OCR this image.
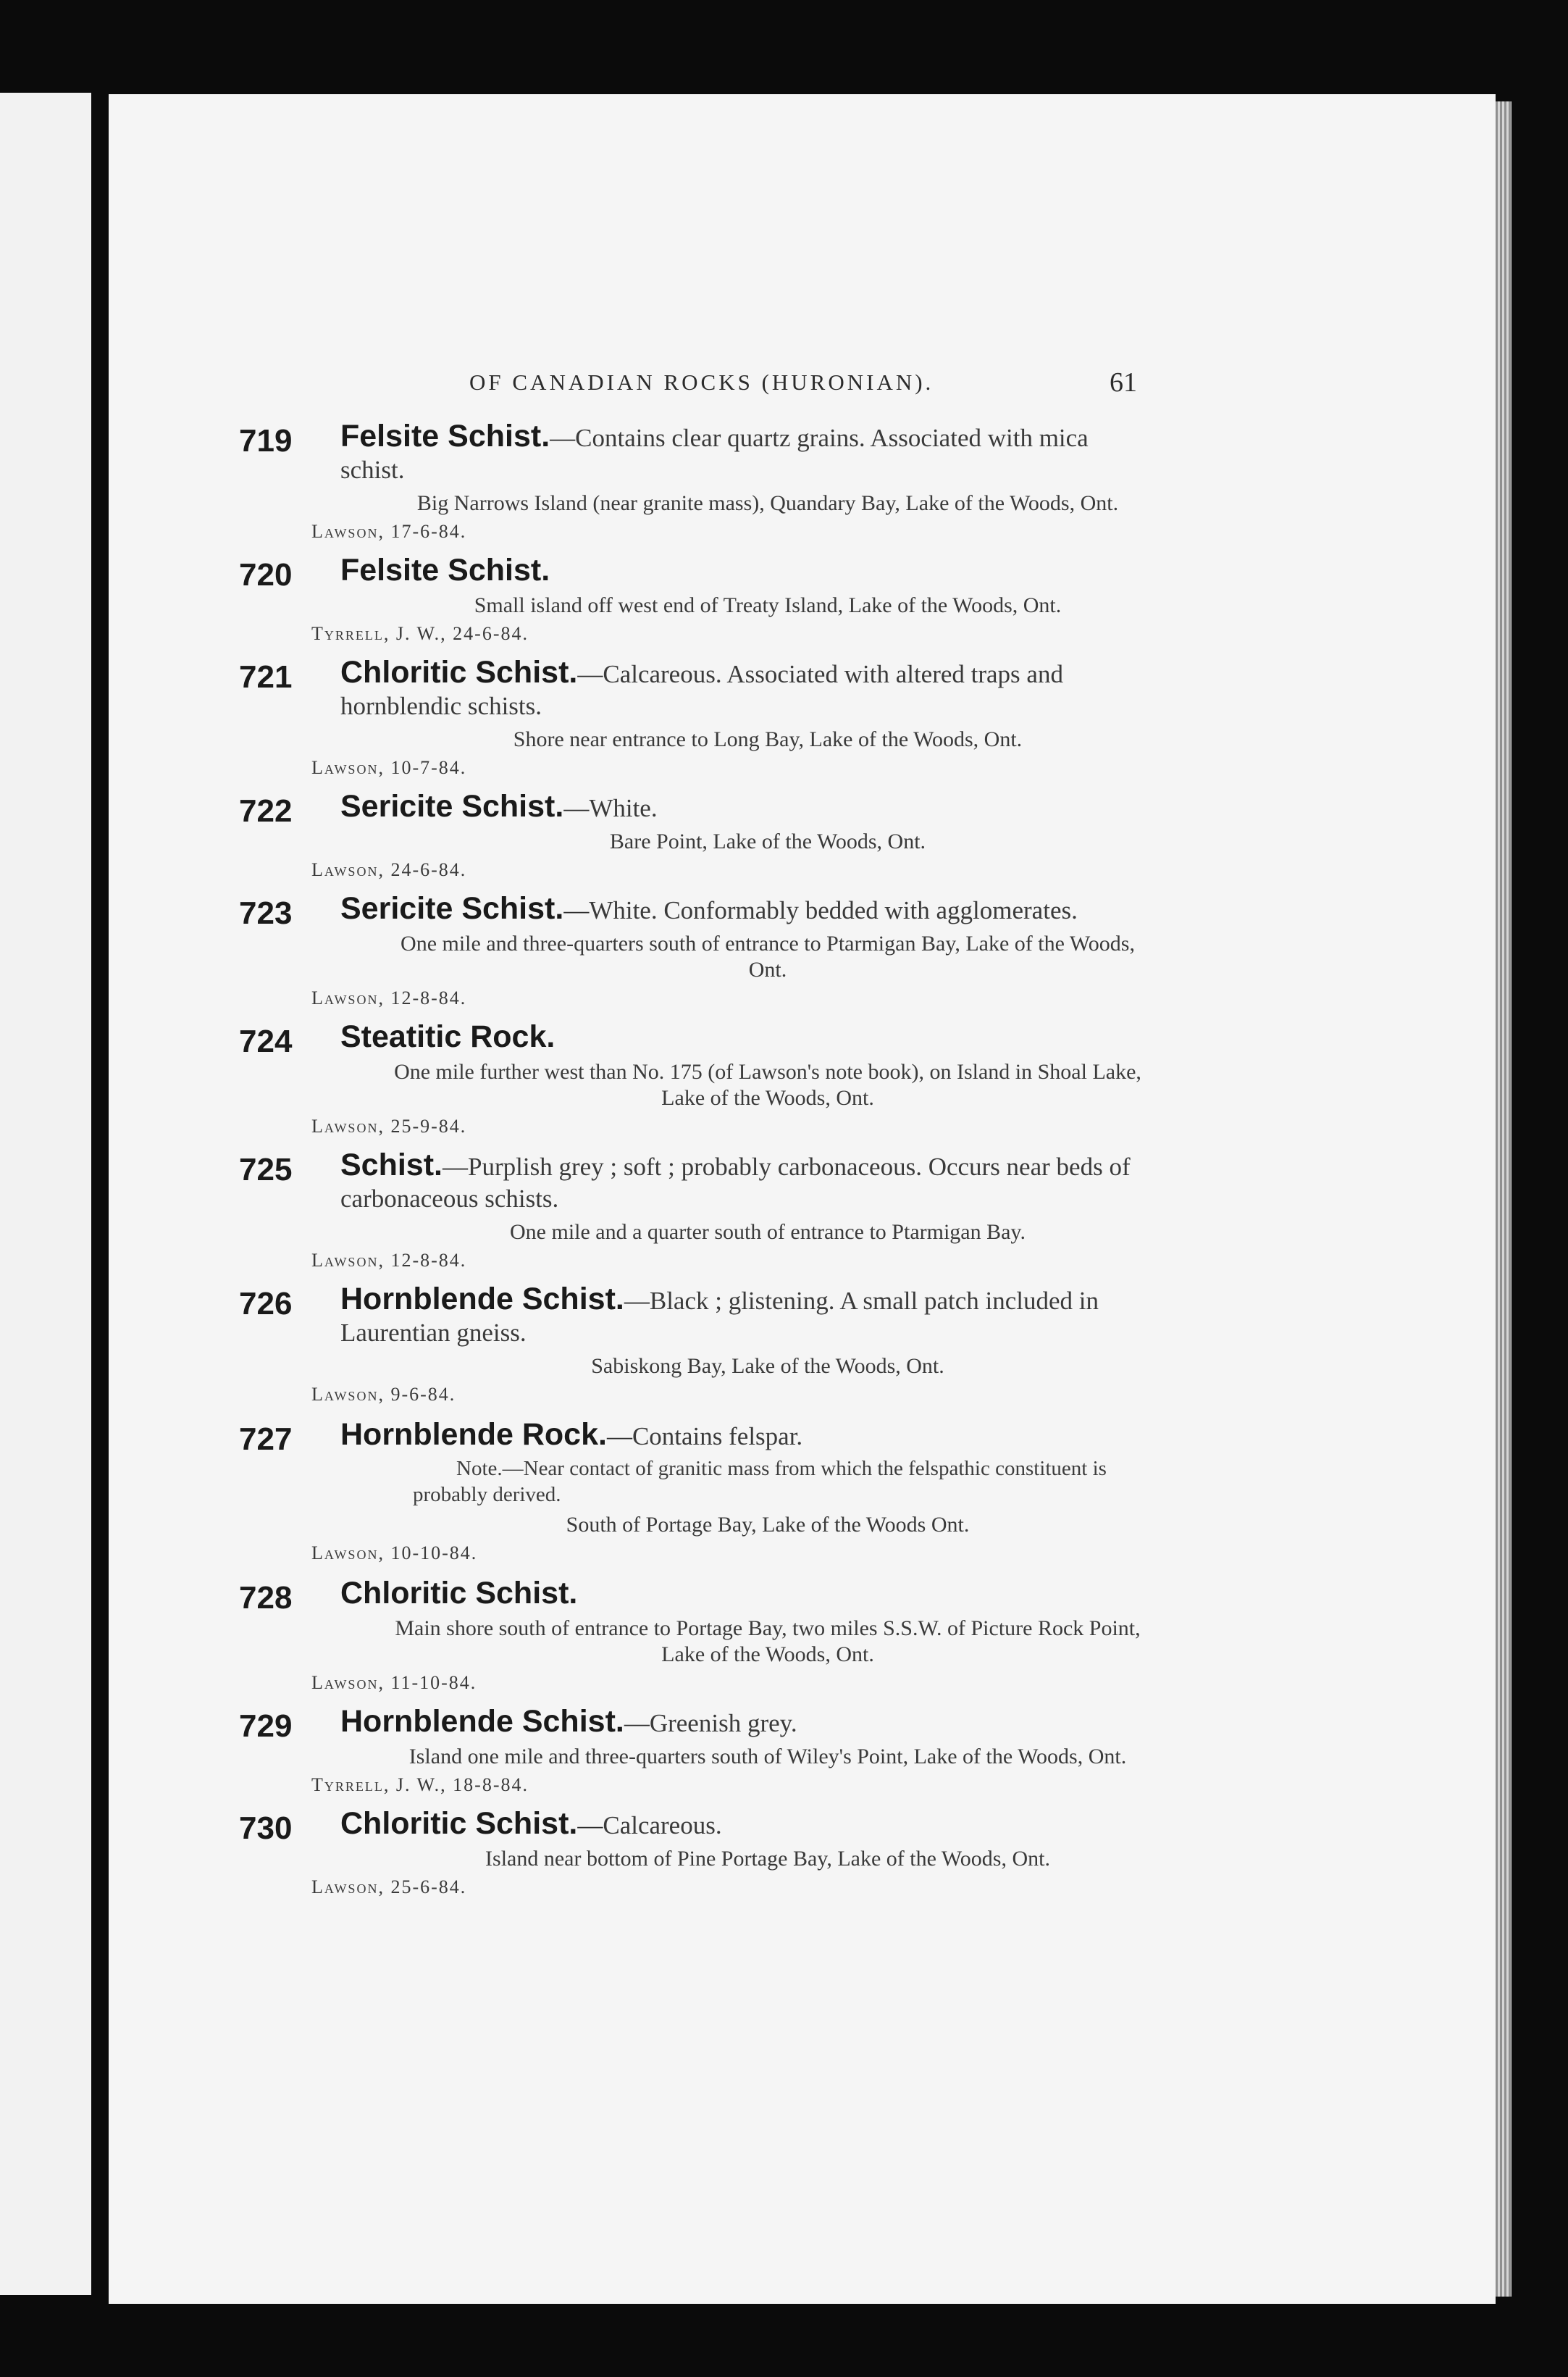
OF CANADIAN ROCKS (HURONIAN).	61
719 Felsite Schist.—Contains clear quartz grains. Associated with mica schist.
Big Narrows Island (near granite mass), Quandary Bay, Lake of the Woods, Ont.
Lawson, 17-6-84.
720 Felsite Schist.
Small island off west end of Treaty Island, Lake of the Woods, Ont.
Tyrrell, J. W., 24-6-84.
721 Chloritic Schist.—Calcareous. Associated with altered traps and hornblendic schists.
Shore near entrance to Long Bay, Lake of the Woods, Ont.
Lawson, 10-7-84.
722 Sericite Schist.—White.
Bare Point, Lake of the Woods, Ont.
Lawson, 24-6-84.
723 Sericite Schist.—White. Conformably bedded with agglomerates.
One mile and three-quarters south of entrance to Ptarmigan Bay, Lake of the Woods, Ont.
Lawson, 12-8-84.
724 Steatitic Rock.
One mile further west than No. 175 (of Lawson's note book), on Island in Shoal Lake, Lake of the Woods, Ont.
Lawson, 25-9-84.
725 Schist.—Purplish grey ; soft ; probably carbonaceous. Occurs near beds of carbonaceous schists.
One mile and a quarter south of entrance to Ptarmigan Bay.
Lawson, 12-8-84.
726 Hornblende Schist.—Black ; glistening. A small patch included in Laurentian gneiss.
Sabiskong Bay, Lake of the Woods, Ont.
Lawson, 9-6-84.
727 Hornblende Rock.—Contains felspar.
Note.—Near contact of granitic mass from which the felspathic constituent is probably derived.
South of Portage Bay, Lake of the Woods Ont.
Lawson, 10-10-84.
728 Chloritic Schist.
Main shore south of entrance to Portage Bay, two miles S.S.W. of Picture Rock Point, Lake of the Woods, Ont.
Lawson, 11-10-84.
729 Hornblende Schist.—Greenish grey.
Island one mile and three-quarters south of Wiley's Point, Lake of the Woods, Ont.
Tyrrell, J. W., 18-8-84.
730 Chloritic Schist.—Calcareous.
Island near bottom of Pine Portage Bay, Lake of the Woods, Ont.
Lawson, 25-6-84.
